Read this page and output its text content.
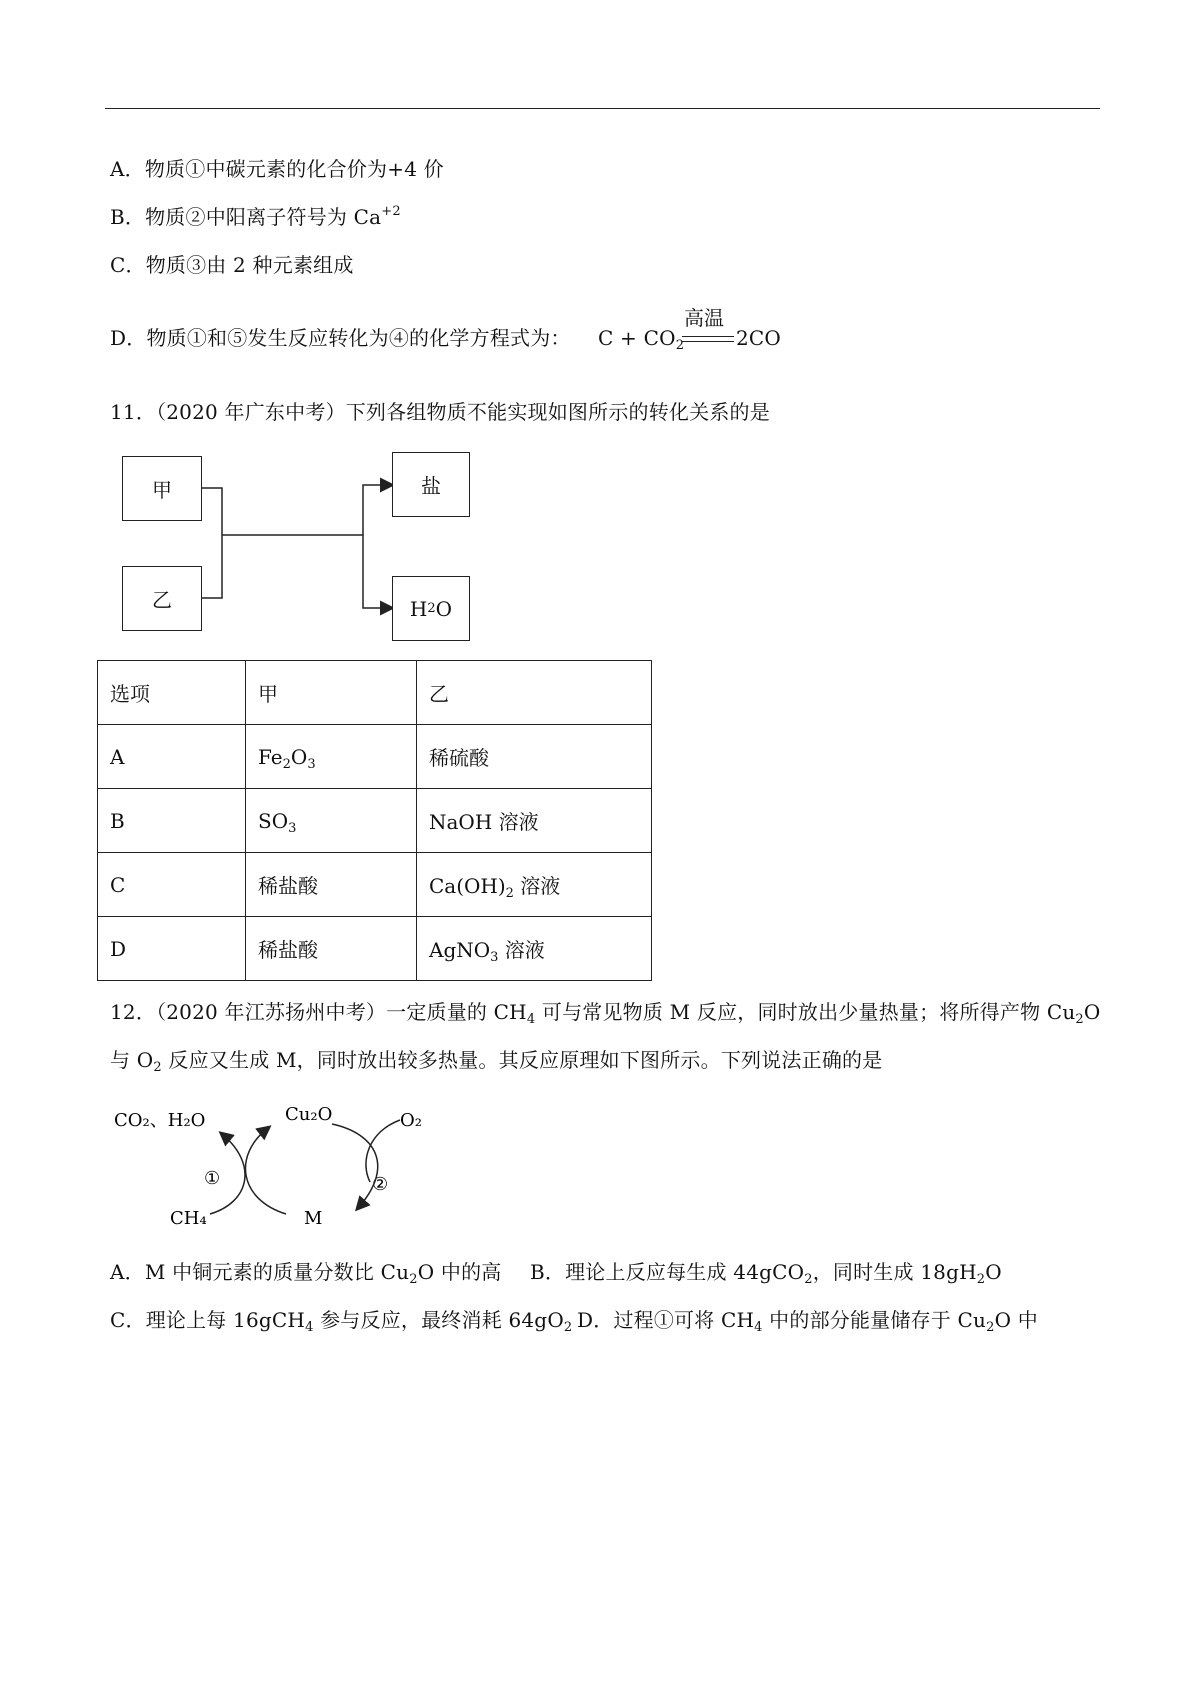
A．物质①中碳元素的化合价为+4 价
B．物质②中阳离子符号为 $Ca^{+2}$
C．物质③由 2 种元素组成
D．物质①和⑤发生反应转化为④的化学方程式为： $C + CO_2$
高温
2CO
11．（2020 年广东中考）下列各组物质不能实现如图所示的转化关系的是
甲
乙
盐
H 2 O
选项	甲	乙
A	$Fe_2O_3$	稀硫酸
B	$SO_3$	NaOH 溶液
C	稀盐酸	$Ca(OH)_2$ 溶液
D	稀盐酸	AgNO$_3$ 溶液
12．（2020 年江苏扬州中考）一定质量的 $CH_4$ 可与常见物质 M 反应，同时放出少量热量；将所得产物 $Cu_2O$
与 $O_2$ 反应又生成 M，同时放出较多热量。其反应原理如下图所示。下列说法正确的是
CO₂、H₂O	Cu₂O	O₂
CH₄	M
①	②
A．M 中铜元素的质量分数比 $Cu_2O$ 中的高 B．理论上反应每生成 44gCO$_2$，同时生成 $18gH_2O$
C．理论上每 16gCH$_4$ 参与反应，最终消耗 $64gO_2$ D．过程①可将 $CH_4$ 中的部分能量储存于 $Cu_2O$ 中
